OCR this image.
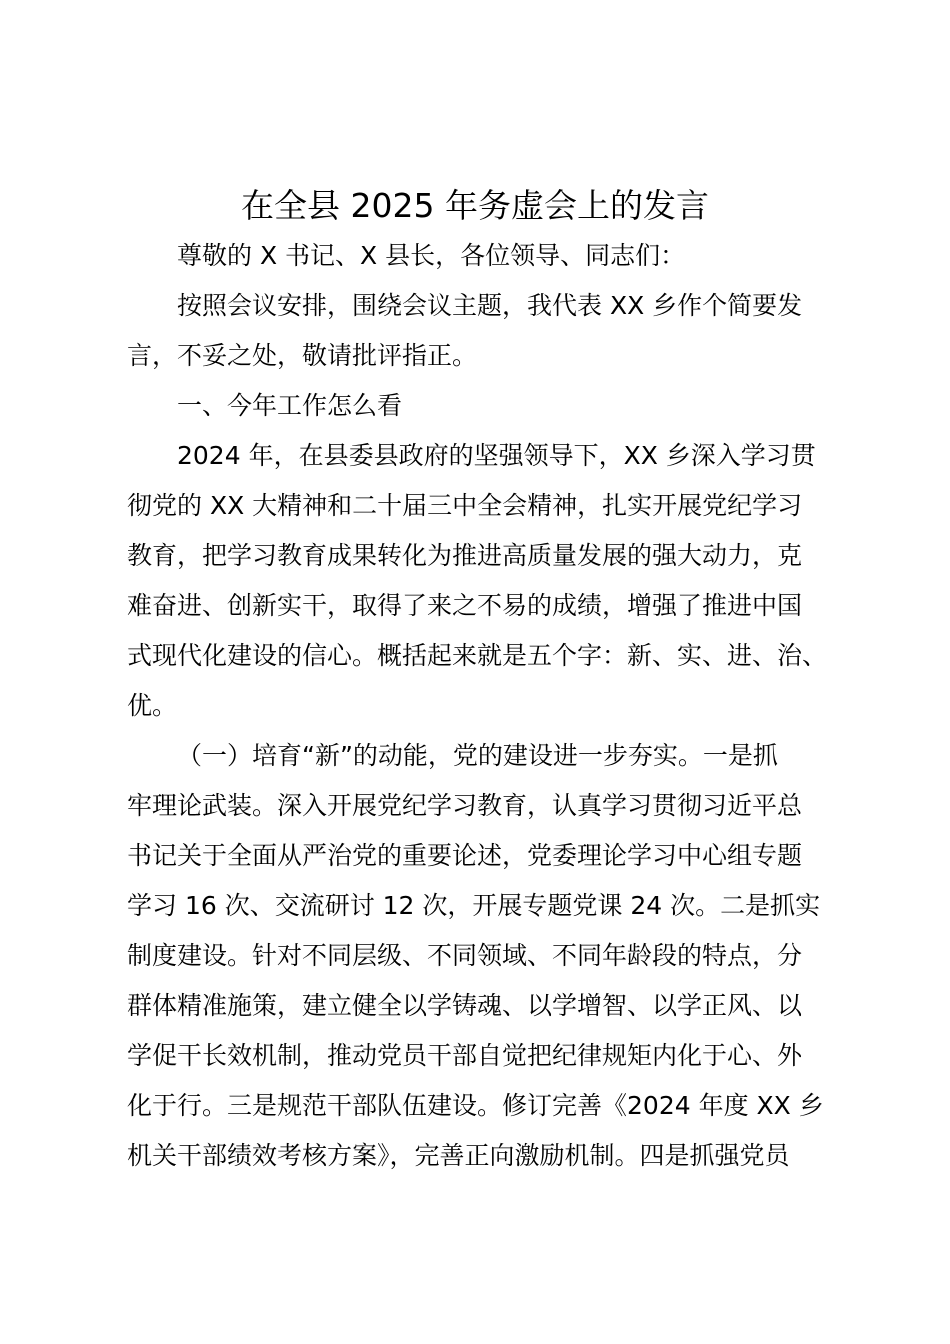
在全县 2025 年务虚会上的发言
尊敬的 X 书记、X 县长，各位领导、同志们：
按照会议安排，围绕会议主题，我代表 XX 乡作个简要发
言，不妥之处，敬请批评指正。
一、今年工作怎么看
2024 年，在县委县政府的坚强领导下，XX 乡深入学习贯
彻党的 XX 大精神和二十届三中全会精神，扎实开展党纪学习
教育，把学习教育成果转化为推进高质量发展的强大动力，克
难奋进、创新实干，取得了来之不易的成绩，增强了推进中国
式现代化建设的信心。概括起来就是五个字：新、实、进、治、
优。
（一）培育“新”的动能，党的建设进一步夯实。一是抓
牢理论武装。深入开展党纪学习教育，认真学习贯彻习近平总
书记关于全面从严治党的重要论述，党委理论学习中心组专题
学习 16 次、交流研讨 12 次，开展专题党课 24 次。二是抓实
制度建设。针对不同层级、不同领域、不同年龄段的特点，分
群体精准施策，建立健全以学铸魂、以学增智、以学正风、以
学促干长效机制，推动党员干部自觉把纪律规矩内化于心、外
化于行。三是规范干部队伍建设。修订完善《2024 年度 XX 乡
机关干部绩效考核方案》，完善正向激励机制。四是抓强党员
